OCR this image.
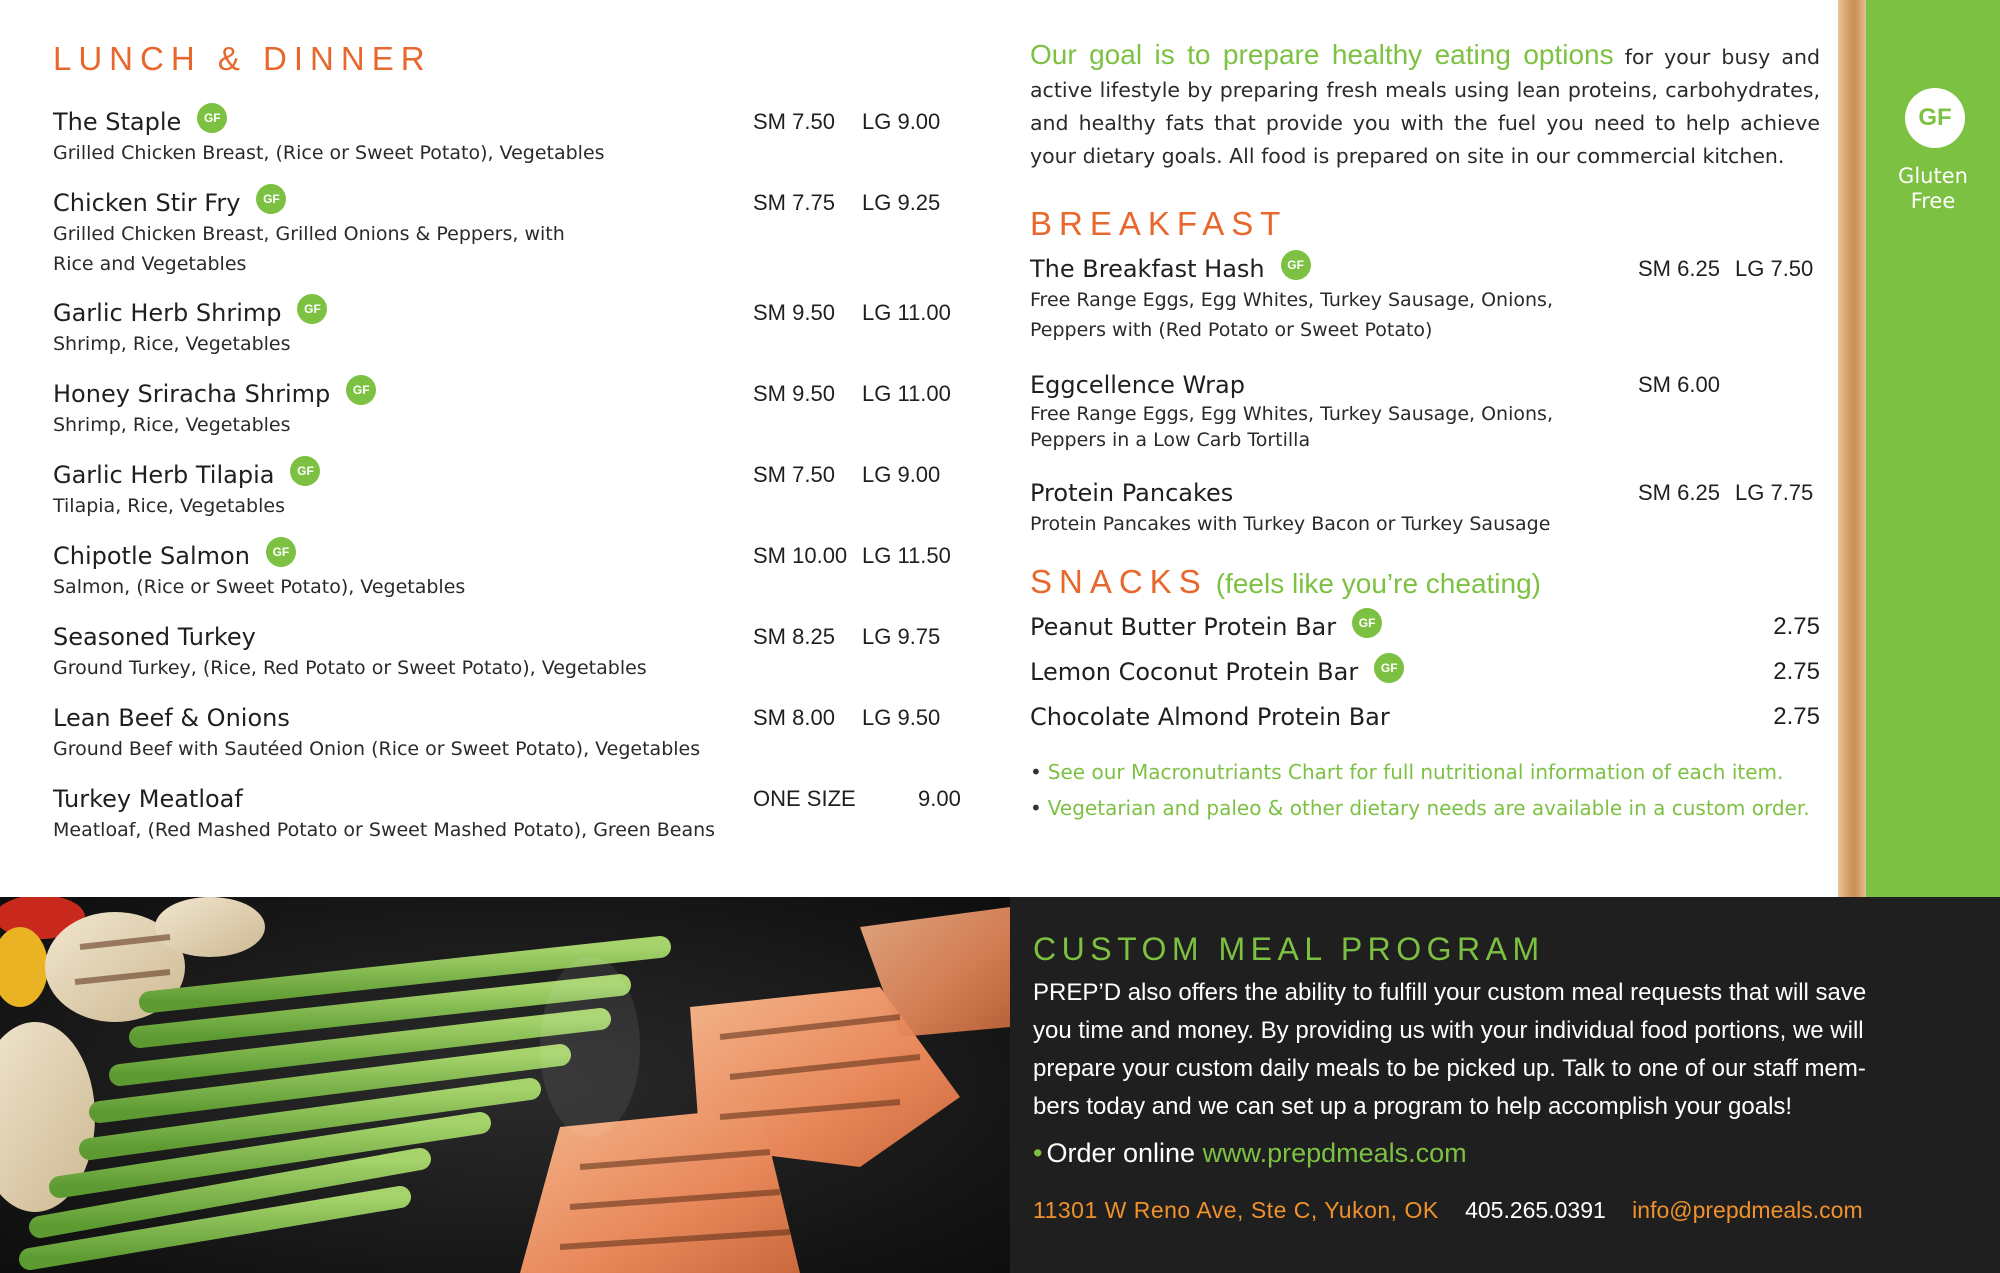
LUNCH & DINNER
The Staple	GF
Grilled Chicken Breast, (Rice or Sweet Potato), Vegetables
SM 7.50 LG 9.00
Chicken Stir Fry	GF
Grilled Chicken Breast, Grilled Onions & Peppers, with
Rice and Vegetables
SM 7.75 LG 9.25
Garlic Herb Shrimp	GF
Shrimp, Rice, Vegetables
SM 9.50 LG 11.00
Honey Sriracha Shrimp	GF
Shrimp, Rice, Vegetables
SM 9.50 LG 11.00
Garlic Herb Tilapia	GF
Tilapia, Rice, Vegetables
SM 7.50 LG 9.00
Chipotle Salmon	GF
Salmon, (Rice or Sweet Potato), Vegetables
SM 10.00 LG 11.50
Seasoned Turkey
Ground Turkey, (Rice, Red Potato or Sweet Potato), Vegetables
SM 8.25 LG 9.75
Lean Beef & Onions
Ground Beef with Sautéed Onion (Rice or Sweet Potato), Vegetables
SM 8.00 LG 9.50
Turkey Meatloaf
Meatloaf, (Red Mashed Potato or Sweet Mashed Potato), Green Beans
ONE SIZE	9.00

Our goal is to prepare healthy eating options for your busy and active lifestyle by preparing fresh meals using lean proteins, carbohydrates, and healthy fats that provide you with the fuel you need to help achieve your dietary goals. All food is prepared on site in our commercial kitchen.

BREAKFAST
The Breakfast Hash	GF
Free Range Eggs, Egg Whites, Turkey Sausage, Onions, Peppers with (Red Potato or Sweet Potato)
SM 6.25 LG 7.50
Eggcellence Wrap
Free Range Eggs, Egg Whites, Turkey Sausage, Onions, Peppers in a Low Carb Tortilla
SM 6.00
Protein Pancakes
Protein Pancakes with Turkey Bacon or Turkey Sausage
SM 6.25 LG 7.75
SNACKS (feels like you’re cheating)
Peanut Butter Protein Bar	GF	2.75
Lemon Coconut Protein Bar	GF	2.75
Chocolate Almond Protein Bar	2.75
• See our Macronutriants Chart for full nutritional information of each item.
• Vegetarian and paleo & other dietary needs are available in a custom order.
GF
Gluten
Free
CUSTOM MEAL PROGRAM
PREP’D also offers the ability to fulfill your custom meal requests that will save
you time and money. By providing us with your individual food portions, we will
prepare your custom daily meals to be picked up. Talk to one of our staff mem-
bers today and we can set up a program to help accomplish your goals!
• Order online www.prepdmeals.com
11301 W Reno Ave, Ste C, Yukon, OK 405.265.0391 info@prepdmeals.com
